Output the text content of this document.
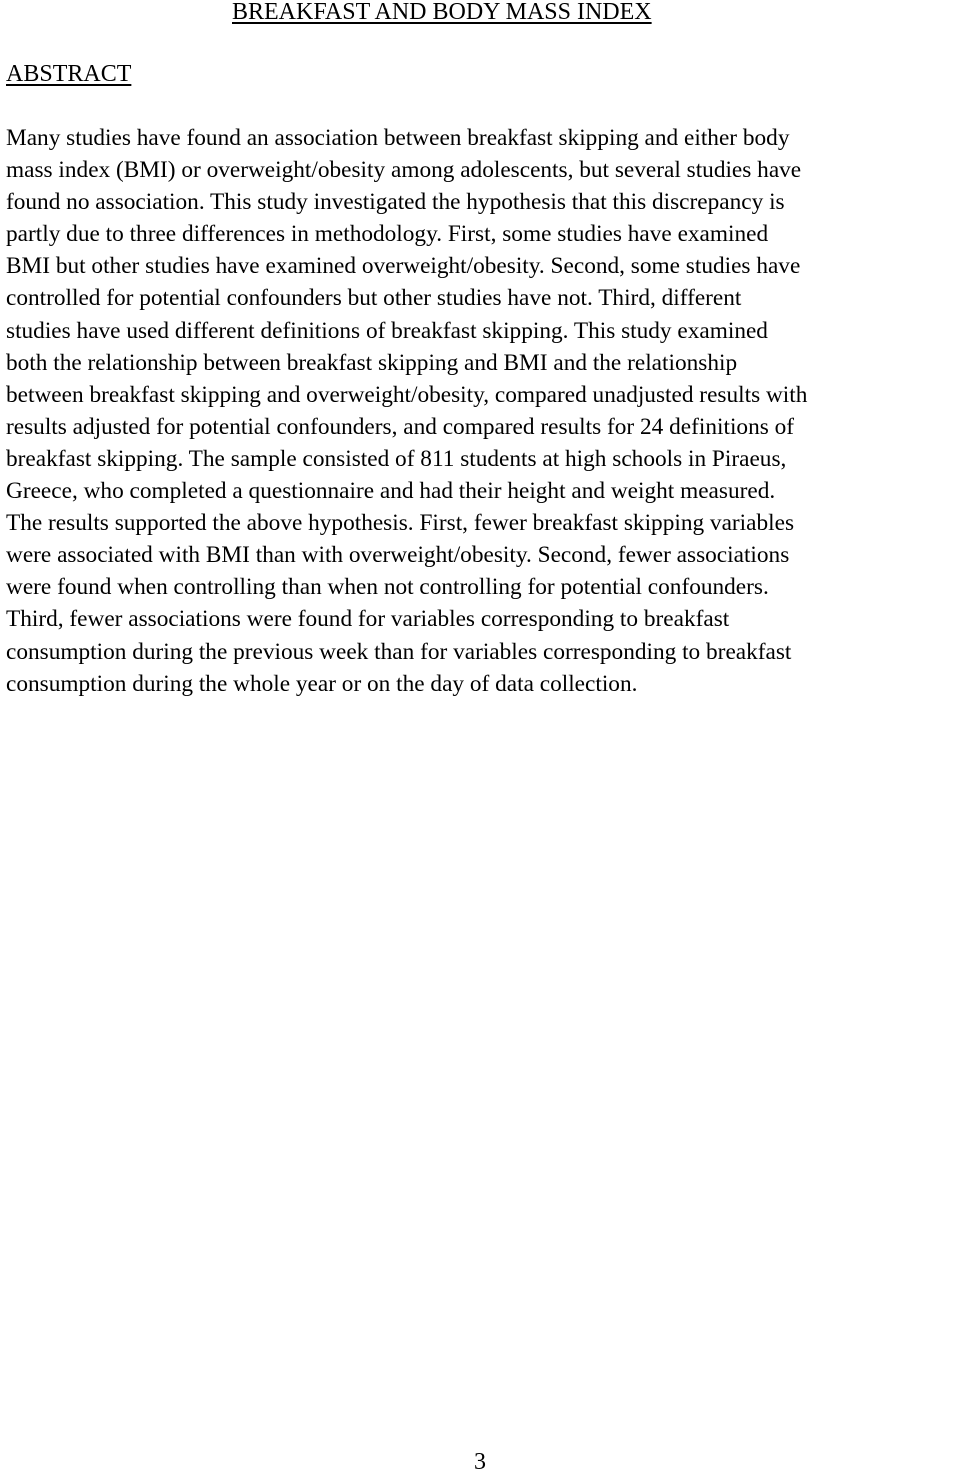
BREAKFAST AND BODY MASS INDEX
ABSTRACT

Many studies have found an association between breakfast skipping and either body
mass index (BMI) or overweight/obesity among adolescents, but several studies have
found no association. This study investigated the hypothesis that this discrepancy is
partly due to three differences in methodology. First, some studies have examined
BMI but other studies have examined overweight/obesity. Second, some studies have
controlled for potential confounders but other studies have not. Third, different
studies have used different definitions of breakfast skipping. This study examined
both the relationship between breakfast skipping and BMI and the relationship
between breakfast skipping and overweight/obesity, compared unadjusted results with
results adjusted for potential confounders, and compared results for 24 definitions of
breakfast skipping. The sample consisted of 811 students at high schools in Piraeus,
Greece, who completed a questionnaire and had their height and weight measured.
The results supported the above hypothesis. First, fewer breakfast skipping variables
were associated with BMI than with overweight/obesity. Second, fewer associations
were found when controlling than when not controlling for potential confounders.
Third, fewer associations were found for variables corresponding to breakfast
consumption during the previous week than for variables corresponding to breakfast
consumption during the whole year or on the day of data collection.

3
